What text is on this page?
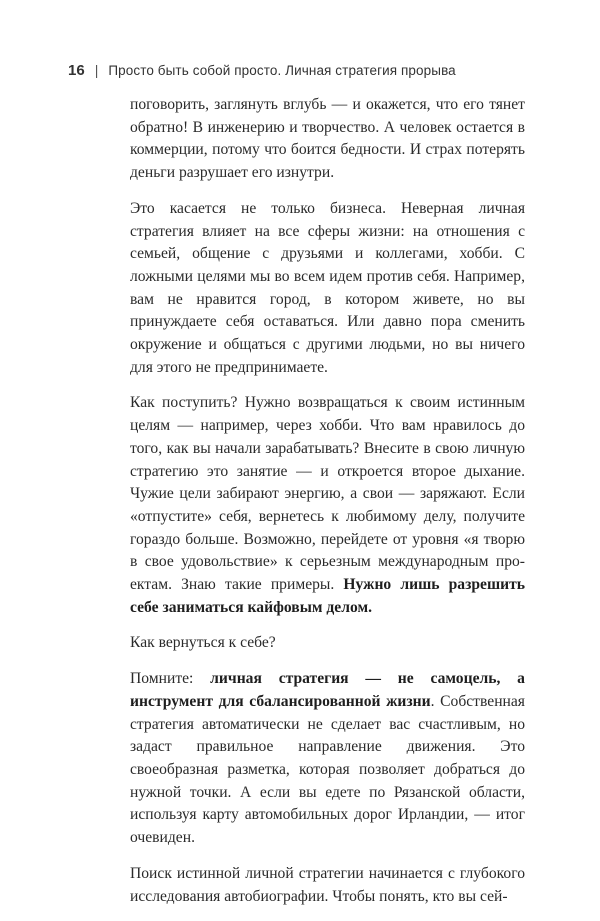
16 | Просто быть собой просто. Личная стратегия прорыва

поговорить, заглянуть вглубь — и окажется, что его тянет обратно! В инженерию и творчество. А человек остается в коммерции, потому что боится бедности. И страх потерять деньги разрушает его изнутри.

Это касается не только бизнеса. Неверная личная стратегия влияет на все сферы жизни: на отношения с семьей, общение с друзьями и коллегами, хобби. С ложными целями мы во всем идем против себя. Например, вам не нравится город, в котором живете, но вы принуждаете себя оставаться. Или давно пора сменить окружение и общаться с другими людьми, но вы ничего для этого не предпринимаете.

Как поступить? Нужно возвращаться к своим истинным целям — например, через хобби. Что вам нравилось до того, как вы начали зарабатывать? Внесите в свою личную стратегию это занятие — и откроется второе дыхание. Чужие цели забирают энергию, а свои — заряжают. Если «отпустите» себя, вернетесь к любимому делу, получите гораздо больше. Возможно, перейдете от уровня «я творю в свое удовольствие» к серьезным международным проектам. Знаю такие примеры. Нужно лишь разрешить себе заниматься кайфовым делом.

Как вернуться к себе?

Помните: личная стратегия — не самоцель, а инструмент для сбалансированной жизни. Собственная стратегия автоматически не сделает вас счастливым, но задаст правильное направление движения. Это своеобразная разметка, которая позволяет добраться до нужной точки. А если вы едете по Рязанской области, используя карту автомобильных дорог Ирландии, — итог очевиден.

Поиск истинной личной стратегии начинается с глубокого исследования автобиографии. Чтобы понять, кто вы сей-
